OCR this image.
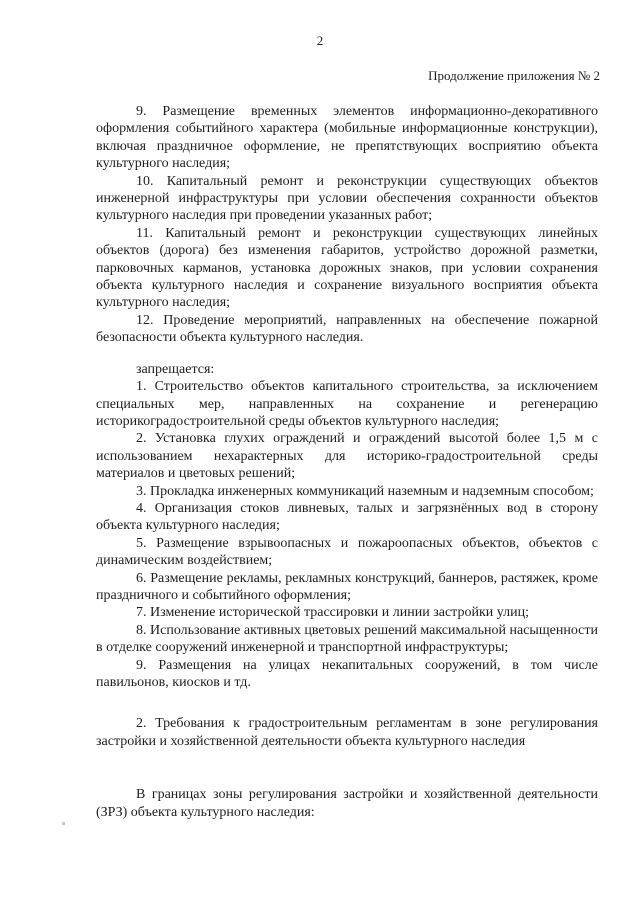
2
Продолжение приложения № 2

9. Размещение временных элементов информационно-декоративного оформления событийного характера (мобильные информационные конструкции), включая праздничное оформление, не препятствующих восприятию объекта культурного наследия;

10. Капитальный ремонт и реконструкции существующих объектов инженерной инфраструктуры при условии обеспечения сохранности объектов культурного наследия при проведении указанных работ;

11. Капитальный ремонт и реконструкции существующих линейных объектов (дорога) без изменения габаритов, устройство дорожной разметки, парковочных карманов, установка дорожных знаков, при условии сохранения объекта культурного наследия и сохранение визуального восприятия объекта культурного наследия;

12. Проведение мероприятий, направленных на обеспечение пожарной безопасности объекта культурного наследия.

запрещается:

1. Строительство объектов капитального строительства, за исключением специальных мер, направленных на сохранение и регенерацию историкоградостроительной среды объектов культурного наследия;

2. Установка глухих ограждений и ограждений высотой более 1,5 м с использованием нехарактерных для историко-градостроительной среды материалов и цветовых решений;

3. Прокладка инженерных коммуникаций наземным и надземным способом;

4. Организация стоков ливневых, талых и загрязнённых вод в сторону объекта культурного наследия;

5. Размещение взрывоопасных и пожароопасных объектов, объектов с динамическим воздействием;

6. Размещение рекламы, рекламных конструкций, баннеров, растяжек, кроме праздничного и событийного оформления;

7. Изменение исторической трассировки и линии застройки улиц;

8. Использование активных цветовых решений максимальной насыщенности в отделке сооружений инженерной и транспортной инфраструктуры;

9. Размещения на улицах некапитальных сооружений, в том числе павильонов, киосков и тд.

2. Требования к градостроительным регламентам в зоне регулирования застройки и хозяйственной деятельности объекта культурного наследия

В границах зоны регулирования застройки и хозяйственной деятельности (ЗРЗ) объекта культурного наследия:
